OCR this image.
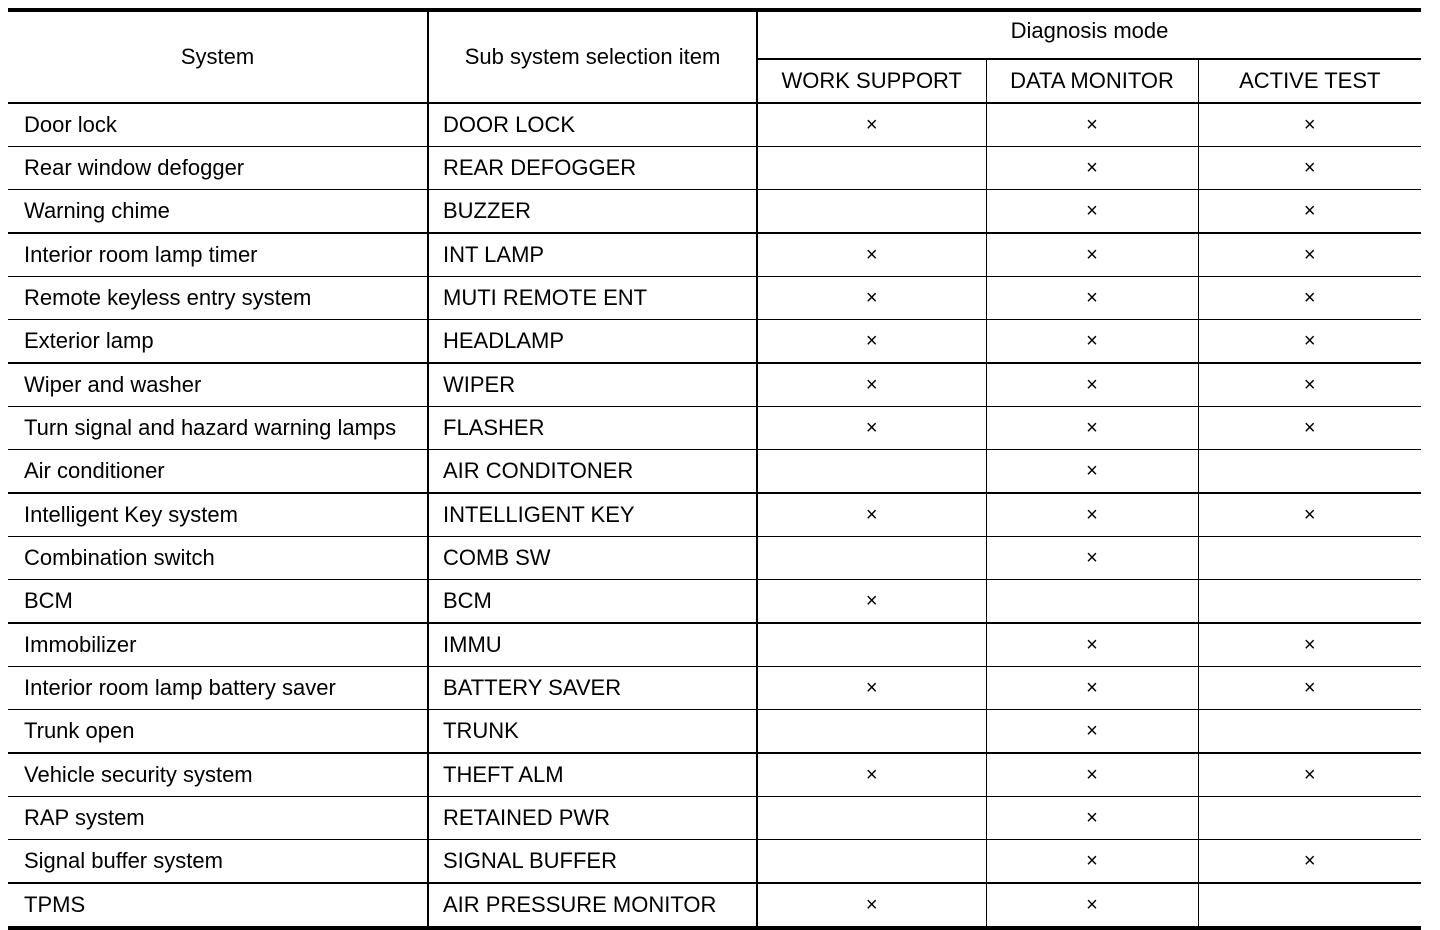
System	Sub system selection item	Diagnosis mode		
		WORK SUPPORT	DATA MONITOR	ACTIVE TEST
Door lock	DOOR LOCK	×	×	×
Rear window defogger	REAR DEFOGGER		×	×
Warning chime	BUZZER		×	×
Interior room lamp timer	INT LAMP	×	×	×
Remote keyless entry system	MUTI REMOTE ENT	×	×	×
Exterior lamp	HEADLAMP	×	×	×
Wiper and washer	WIPER	×	×	×
Turn signal and hazard warning lamps	FLASHER	×	×	×
Air conditioner	AIR CONDITONER		×	
Intelligent Key system	INTELLIGENT KEY	×	×	×
Combination switch	COMB SW		×	
BCM	BCM	×		
Immobilizer	IMMU		×	×
Interior room lamp battery saver	BATTERY SAVER	×	×	×
Trunk open	TRUNK		×	
Vehicle security system	THEFT ALM	×	×	×
RAP system	RETAINED PWR		×	
Signal buffer system	SIGNAL BUFFER		×	×
TPMS	AIR PRESSURE MONITOR	×	×	
